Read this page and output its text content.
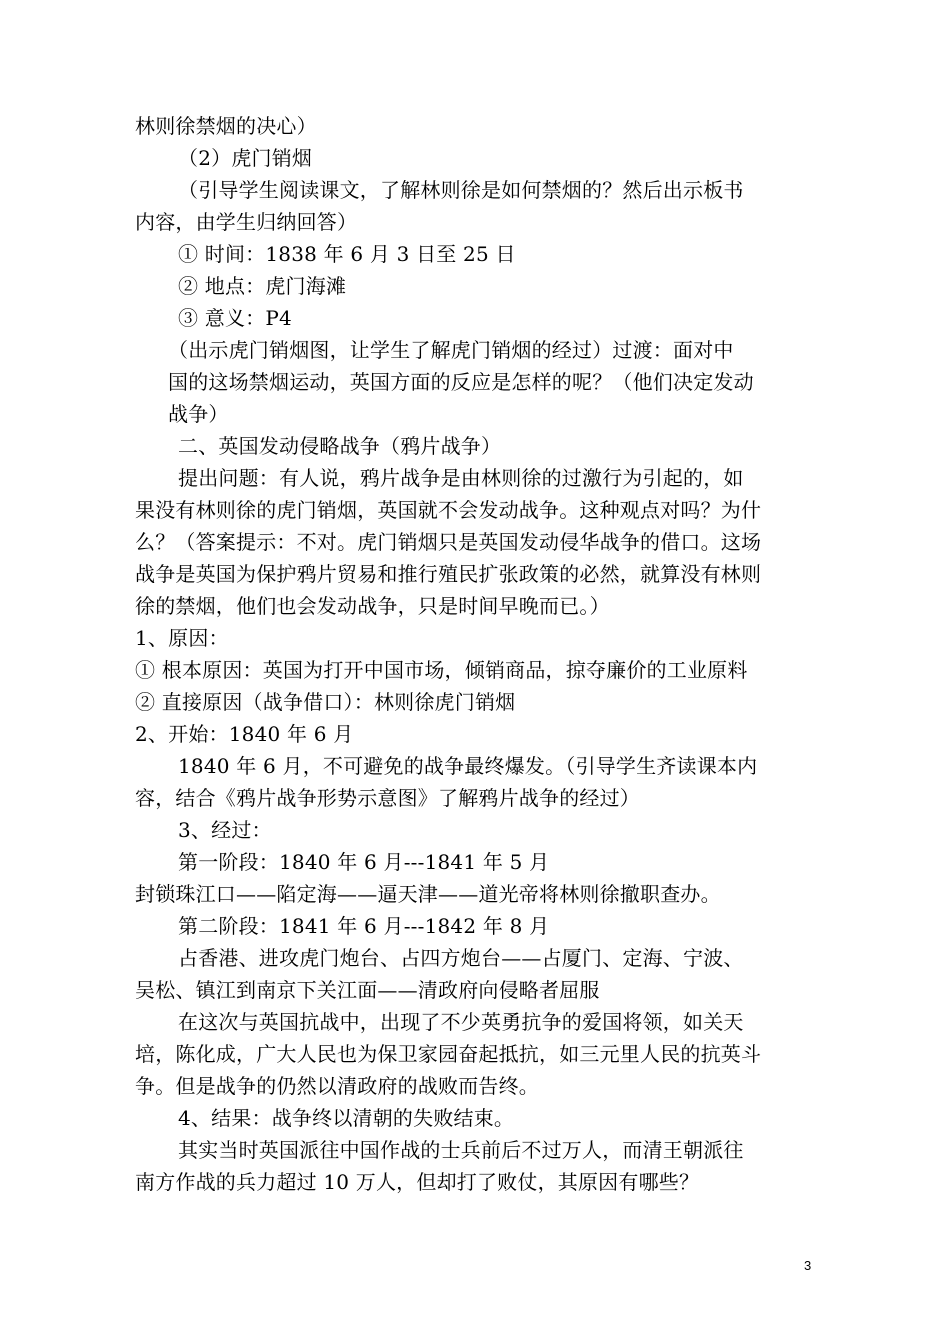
林则徐禁烟的决心）
（2）虎门销烟
（引导学生阅读课文，了解林则徐是如何禁烟的？然后出示板书
内容，由学生归纳回答）
① 时间：1838 年 6 月 3 日至 25 日
② 地点：虎门海滩
③ 意义：P4
（出示虎门销烟图，让学生了解虎门销烟的经过）过渡：面对中
国的这场禁烟运动，英国方面的反应是怎样的呢？（他们决定发动
战争）
二、英国发动侵略战争（鸦片战争）
提出问题：有人说，鸦片战争是由林则徐的过激行为引起的，如
果没有林则徐的虎门销烟，英国就不会发动战争。这种观点对吗？为什
么？（答案提示：不对。虎门销烟只是英国发动侵华战争的借口。这场
战争是英国为保护鸦片贸易和推行殖民扩张政策的必然，就算没有林则
徐的禁烟，他们也会发动战争，只是时间早晚而已。）
1、原因：
① 根本原因：英国为打开中国市场，倾销商品，掠夺廉价的工业原料
② 直接原因（战争借口）：林则徐虎门销烟
2、开始：1840 年 6 月
1840 年 6 月，不可避免的战争最终爆发。（引导学生齐读课本内
容，结合《鸦片战争形势示意图》了解鸦片战争的经过）
3、经过：
第一阶段：1840 年 6 月---1841 年 5 月
封锁珠江口——陷定海——逼天津——道光帝将林则徐撤职查办。
第二阶段：1841 年 6 月---1842 年 8 月
占香港、进攻虎门炮台、占四方炮台——占厦门、定海、宁波、
吴松、镇江到南京下关江面——清政府向侵略者屈服
在这次与英国抗战中，出现了不少英勇抗争的爱国将领，如关天
培，陈化成，广大人民也为保卫家园奋起抵抗，如三元里人民的抗英斗
争。但是战争的仍然以清政府的战败而告终。
4、结果：战争终以清朝的失败结束。
其实当时英国派往中国作战的士兵前后不过万人，而清王朝派往
南方作战的兵力超过 10 万人，但却打了败仗，其原因有哪些？
3
